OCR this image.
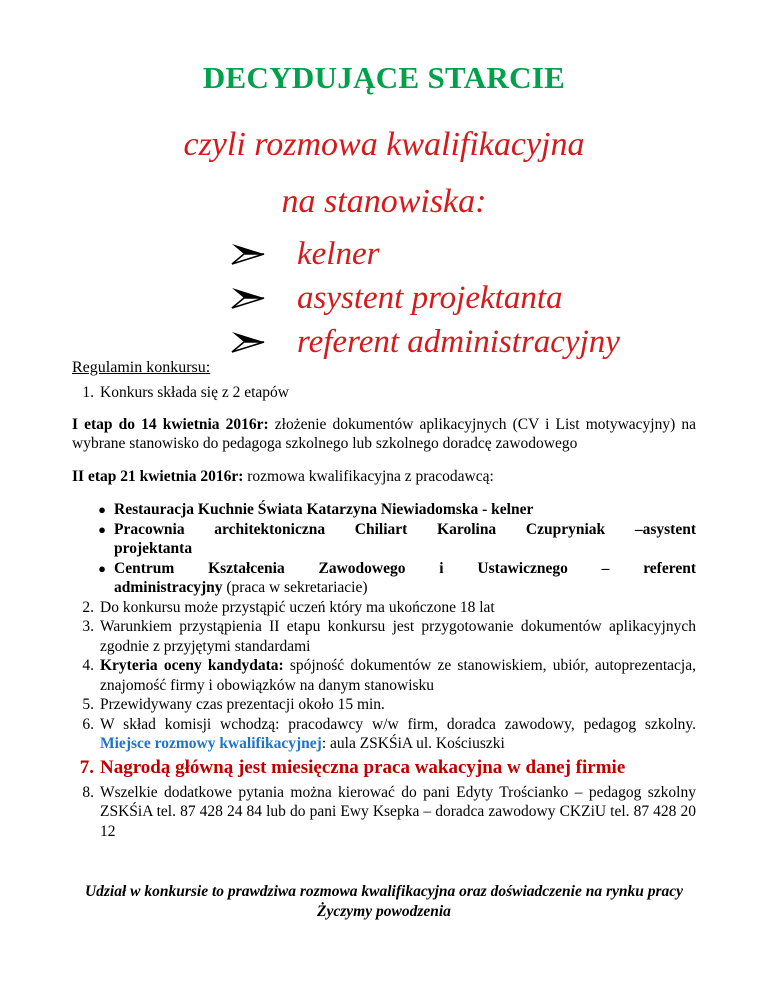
DECYDUJĄCE STARCIE

czyli rozmowa kwalifikacyjna

na stanowiska:

kelner
asystent projektanta
referent administracyjny

Regulamin konkursu:

1. Konkurs składa się z 2 etapów

I etap do 14 kwietnia 2016r: złożenie dokumentów aplikacyjnych (CV i List motywacyjny) na wybrane stanowisko do pedagoga szkolnego lub szkolnego doradcę zawodowego

II etap 21 kwietnia 2016r: rozmowa kwalifikacyjna z pracodawcą:

● Restauracja Kuchnie Świata Katarzyna Niewiadomska - kelner

● Pracownia architektoniczna Chiliart Karolina Czupryniak –asystent
projektanta

● Centrum Kształcenia Zawodowego i Ustawicznego – referent
administracyjny (praca w sekretariacie)

2. Do konkursu może przystąpić uczeń który ma ukończone 18 lat

3. Warunkiem przystąpienia II etapu konkursu jest przygotowanie dokumentów aplikacyjnych zgodnie z przyjętymi standardami

4. Kryteria oceny kandydata: spójność dokumentów ze stanowiskiem, ubiór, autoprezentacja, znajomość firmy i obowiązków na danym stanowisku

5. Przewidywany czas prezentacji około 15 min.

6. W skład komisji wchodzą: pracodawcy w/w firm, doradca zawodowy, pedagog szkolny. Miejsce rozmowy kwalifikacyjnej: aula ZSKŚiA ul. Kościuszki

7. Nagrodą główną jest miesięczna praca wakacyjna w danej firmie

8. Wszelkie dodatkowe pytania można kierować do pani Edyty Trościanko – pedagog szkolny ZSKŚiA tel. 87 428 24 84 lub do pani Ewy Ksepka – doradca zawodowy CKZiU tel. 87 428 20 12

Udział w konkursie to prawdziwa rozmowa kwalifikacyjna oraz doświadczenie na rynku pracy Życzymy powodzenia
